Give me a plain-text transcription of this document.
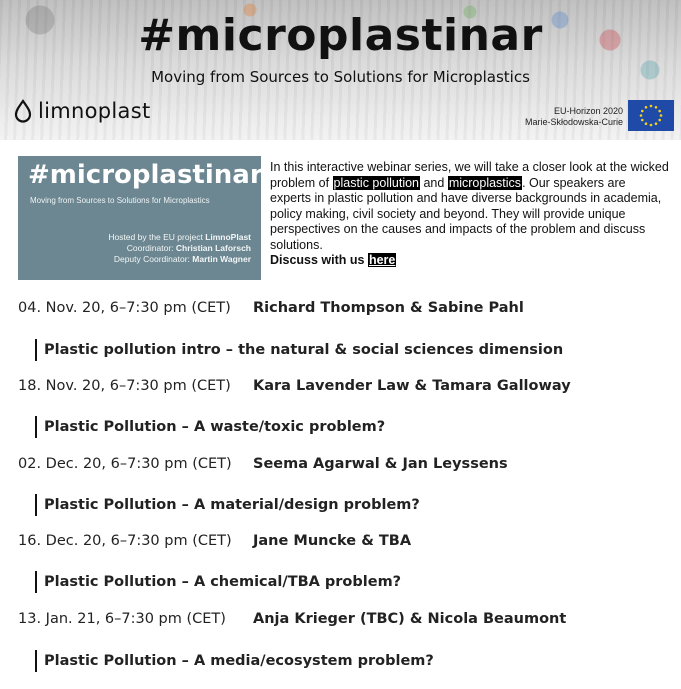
#microplastinar
Moving from Sources to Solutions for Microplastics
limnoplast	EU-Horizon 2020
Marie-Skłodowska-Curie
#microplastinar
Moving from Sources to Solutions for Microplastics
Hosted by the EU project LimnoPlast
Coordinator: Christian Laforsch
Deputy Coordinator: Martin Wagner
In this interactive webinar series, we will take a closer look at the wicked problem of plastic pollution and microplastics. Our speakers are experts in plastic pollution and have diverse backgrounds in academia, policy making, civil society and beyond. They will provide unique perspectives on the causes and impacts of the problem and discuss solutions.
Discuss with us here
04. Nov. 20, 6–7:30 pm (CET) Richard Thompson & Sabine Pahl
Plastic pollution intro – the natural & social sciences dimension
18. Nov. 20, 6–7:30 pm (CET) Kara Lavender Law & Tamara Galloway
Plastic Pollution – A waste/toxic problem?
02. Dec. 20, 6–7:30 pm (CET) Seema Agarwal & Jan Leyssens
Plastic Pollution – A material/design problem?
16. Dec. 20, 6–7:30 pm (CET) Jane Muncke & TBA
Plastic Pollution – A chemical/TBA problem?
13. Jan. 21, 6–7:30 pm (CET) Anja Krieger (TBC) & Nicola Beaumont
Plastic Pollution – A media/ecosystem problem?
